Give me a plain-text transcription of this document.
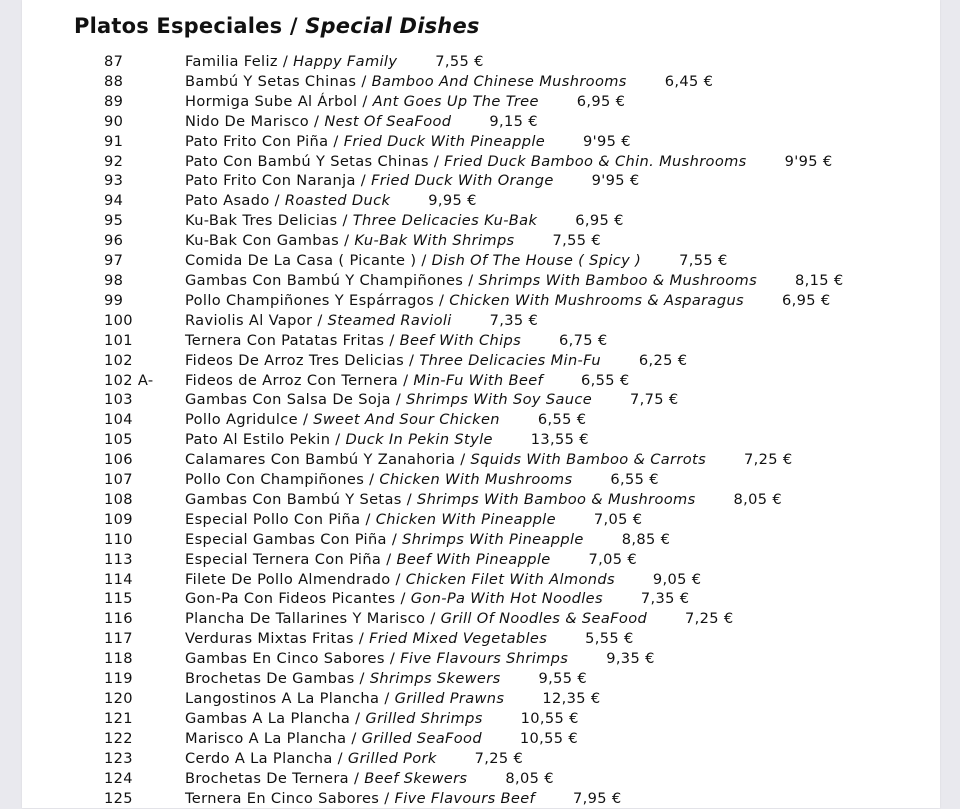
Platos Especiales / Special Dishes
87	Familia Feliz / Happy Family	7,55 €
88	Bambú Y Setas Chinas / Bamboo And Chinese Mushrooms	6,45 €
89	Hormiga Sube Al Árbol / Ant Goes Up The Tree	6,95 €
90	Nido De Marisco / Nest Of SeaFood	9,15 €
91	Pato Frito Con Piña / Fried Duck With Pineapple	9'95 €
92	Pato Con Bambú Y Setas Chinas / Fried Duck Bamboo & Chin. Mushrooms	9'95 €
93	Pato Frito Con Naranja / Fried Duck With Orange	9'95 €
94	Pato Asado / Roasted Duck	9,95 €
95	Ku-Bak Tres Delicias / Three Delicacies Ku-Bak	6,95 €
96	Ku-Bak Con Gambas / Ku-Bak With Shrimps	7,55 €
97	Comida De La Casa ( Picante ) / Dish Of The House ( Spicy )	7,55 €
98	Gambas Con Bambú Y Champiñones / Shrimps With Bamboo & Mushrooms	8,15 €
99	Pollo Champiñones Y Espárragos / Chicken With Mushrooms & Asparagus	6,95 €
100	Raviolis Al Vapor / Steamed Ravioli	7,35 €
101	Ternera Con Patatas Fritas / Beef With Chips	6,75 €
102	Fideos De Arroz Tres Delicias / Three Delicacies Min-Fu	6,25 €
102 A- Fideos de Arroz Con Ternera / Min-Fu With Beef	6,55 €
103	Gambas Con Salsa De Soja / Shrimps With Soy Sauce	7,75 €
104	Pollo Agridulce / Sweet And Sour Chicken	6,55 €
105	Pato Al Estilo Pekin / Duck In Pekin Style	13,55 €
106	Calamares Con Bambú Y Zanahoria / Squids With Bamboo & Carrots	7,25 €
107	Pollo Con Champiñones / Chicken With Mushrooms	6,55 €
108	Gambas Con Bambú Y Setas / Shrimps With Bamboo & Mushrooms	8,05 €
109	Especial Pollo Con Piña / Chicken With Pineapple	7,05 €
110	Especial Gambas Con Piña / Shrimps With Pineapple	8,85 €
113	Especial Ternera Con Piña / Beef With Pineapple	7,05 €
114	Filete De Pollo Almendrado / Chicken Filet With Almonds	9,05 €
115	Gon-Pa Con Fideos Picantes / Gon-Pa With Hot Noodles	7,35 €
116	Plancha De Tallarines Y Marisco / Grill Of Noodles & SeaFood	7,25 €
117	Verduras Mixtas Fritas / Fried Mixed Vegetables	5,55 €
118	Gambas En Cinco Sabores / Five Flavours Shrimps	9,35 €
119	Brochetas De Gambas / Shrimps Skewers	9,55 €
120	Langostinos A La Plancha / Grilled Prawns	12,35 €
121	Gambas A La Plancha / Grilled Shrimps	10,55 €
122	Marisco A La Plancha / Grilled SeaFood	10,55 €
123	Cerdo A La Plancha / Grilled Pork	7,25 €
124	Brochetas De Ternera / Beef Skewers	8,05 €
125	Ternera En Cinco Sabores / Five Flavours Beef	7,95 €
